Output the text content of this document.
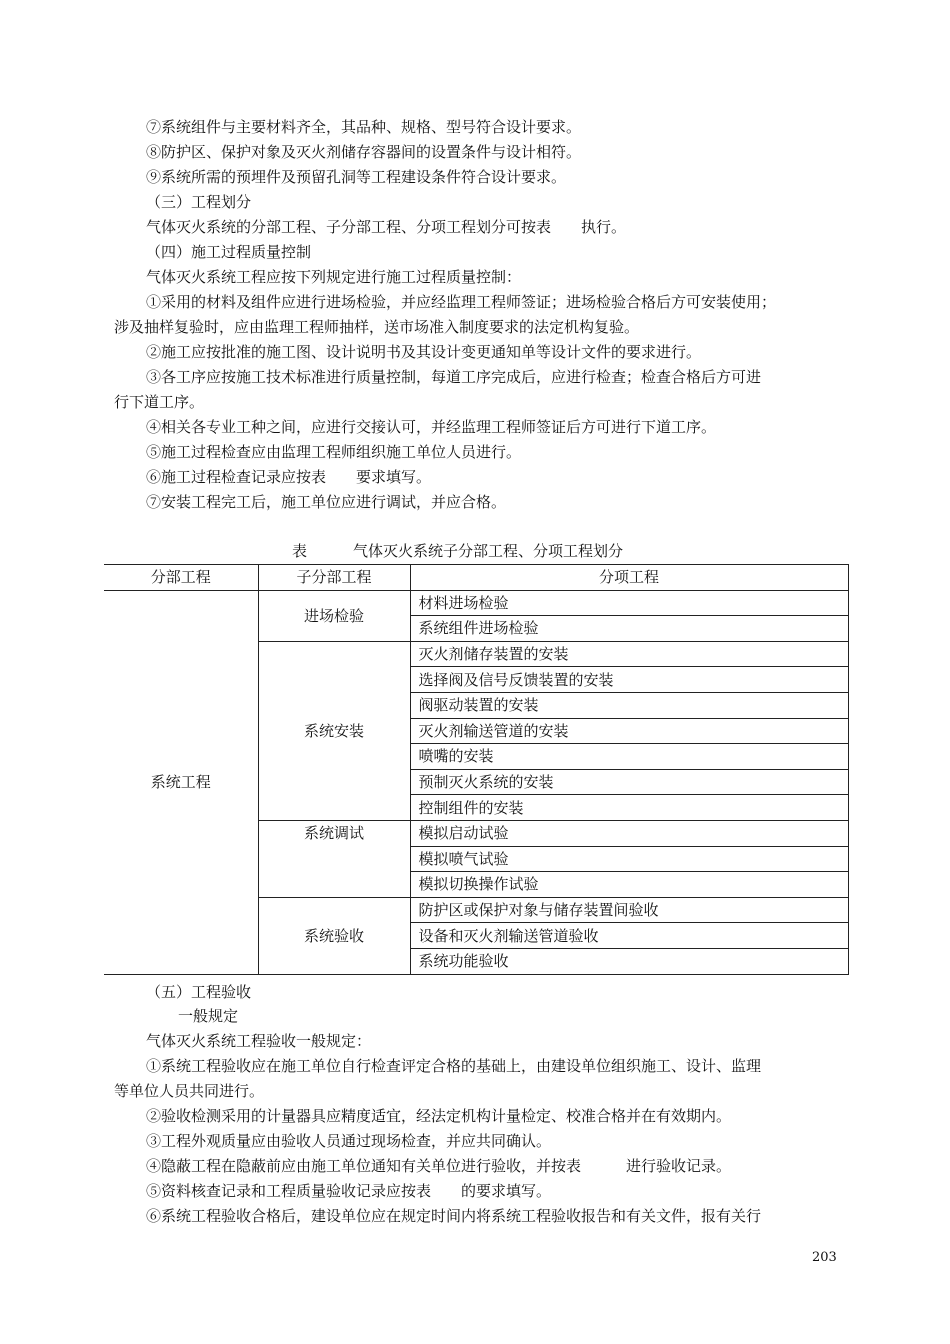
⑦系统组件与主要材料齐全，其品种、规格、型号符合设计要求。
⑧防护区、保护对象及灭火剂储存容器间的设置条件与设计相符。
⑨系统所需的预埋件及预留孔洞等工程建设条件符合设计要求。
（三）工程划分
气体灭火系统的分部工程、子分部工程、分项工程划分可按表　　执行。
（四）施工过程质量控制
气体灭火系统工程应按下列规定进行施工过程质量控制：
①采用的材料及组件应进行进场检验，并应经监理工程师签证；进场检验合格后方可安装使用；
涉及抽样复验时，应由监理工程师抽样，送市场准入制度要求的法定机构复验。
②施工应按批准的施工图、设计说明书及其设计变更通知单等设计文件的要求进行。
③各工序应按施工技术标准进行质量控制，每道工序完成后，应进行检查；检查合格后方可进
行下道工序。
④相关各专业工种之间，应进行交接认可，并经监理工程师签证后方可进行下道工序。
⑤施工过程检查应由监理工程师组织施工单位人员进行。
⑥施工过程检查记录应按表　　要求填写。
⑦安装工程完工后，施工单位应进行调试，并应合格。
表	气体灭火系统子分部工程、分项工程划分
分部工程	子分部工程	分项工程
系统工程	进场检验	材料进场检验
		系统组件进场检验
	系统安装	灭火剂储存装置的安装
		选择阀及信号反馈装置的安装
		阀驱动装置的安装
		灭火剂输送管道的安装
		喷嘴的安装
		预制灭火系统的安装
		控制组件的安装
	系统调试	模拟启动试验
		模拟喷气试验
		模拟切换操作试验
	系统验收	防护区或保护对象与储存装置间验收
		设备和灭火剂输送管道验收
		系统功能验收
（五）工程验收
一般规定
气体灭火系统工程验收一般规定：
①系统工程验收应在施工单位自行检查评定合格的基础上，由建设单位组织施工、设计、监理
等单位人员共同进行。
②验收检测采用的计量器具应精度适宜，经法定机构计量检定、校准合格并在有效期内。
③工程外观质量应由验收人员通过现场检查，并应共同确认。
④隐蔽工程在隐蔽前应由施工单位通知有关单位进行验收，并按表　　　进行验收记录。
⑤资料核查记录和工程质量验收记录应按表　　的要求填写。
⑥系统工程验收合格后，建设单位应在规定时间内将系统工程验收报告和有关文件，报有关行
203
